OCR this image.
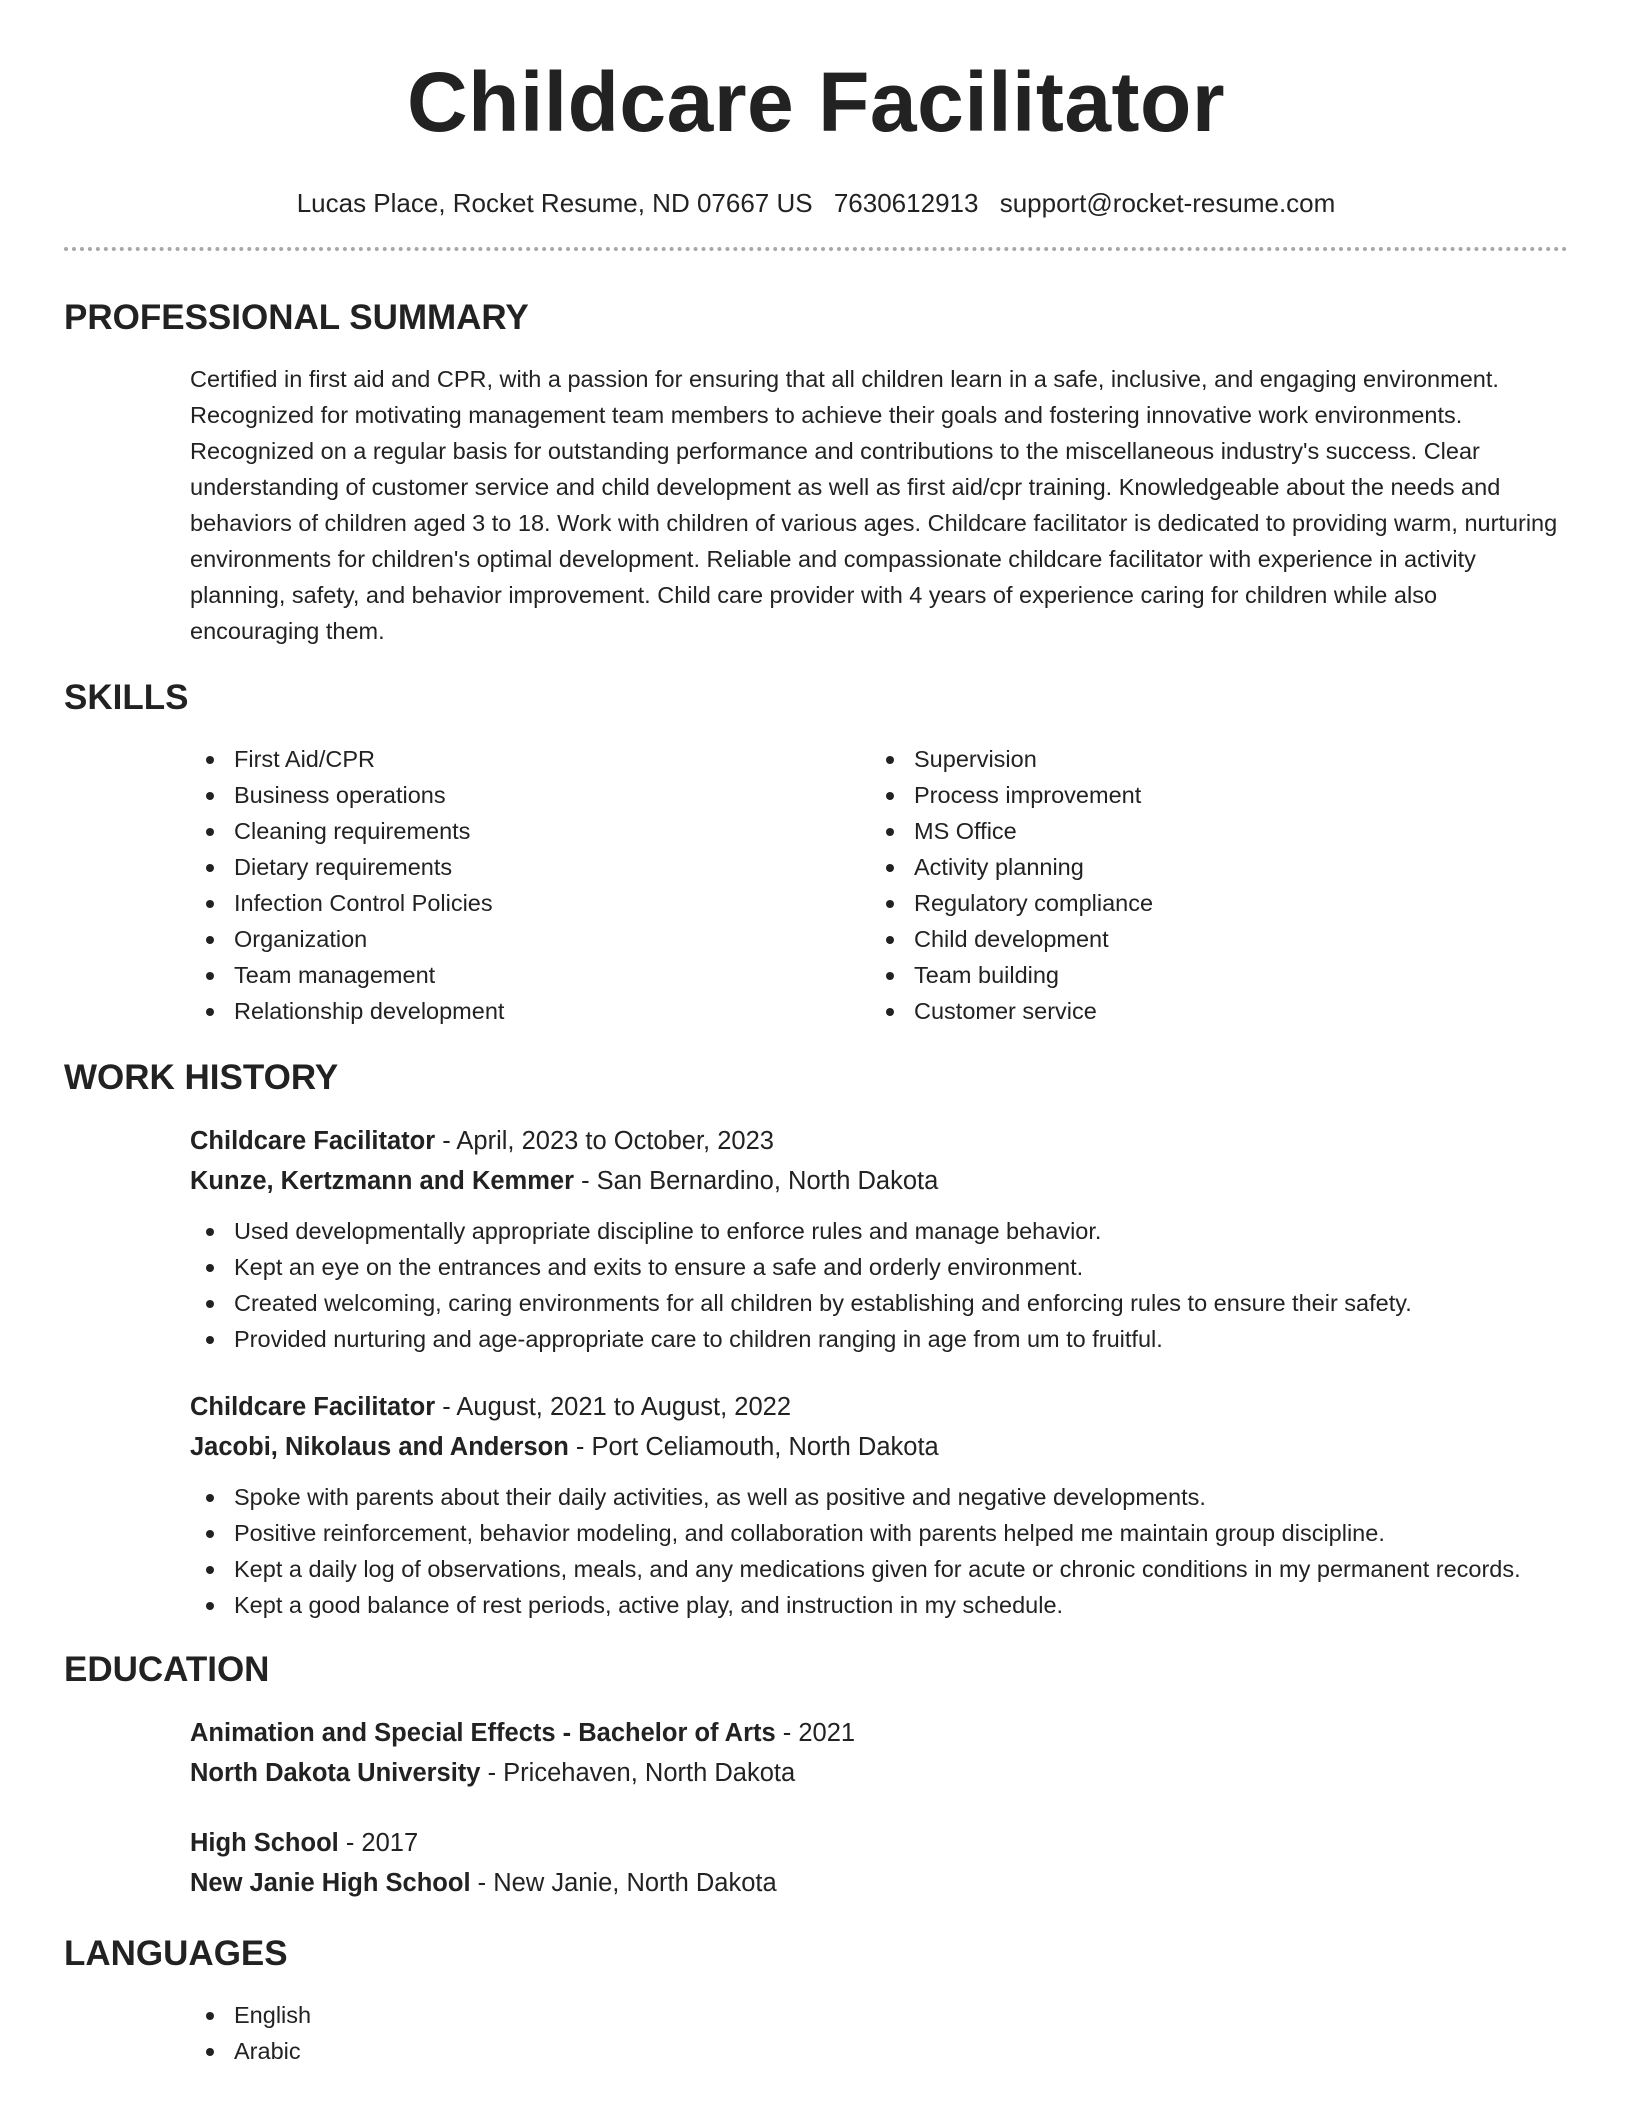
Childcare Facilitator
Lucas Place, Rocket Resume, ND 07667 US 7630612913 support@rocket-resume.com
PROFESSIONAL SUMMARY
Certified in first aid and CPR, with a passion for ensuring that all children learn in a safe, inclusive, and engaging environment. Recognized for motivating management team members to achieve their goals and fostering innovative work environments. Recognized on a regular basis for outstanding performance and contributions to the miscellaneous industry's success. Clear understanding of customer service and child development as well as first aid/cpr training. Knowledgeable about the needs and behaviors of children aged 3 to 18. Work with children of various ages. Childcare facilitator is dedicated to providing warm, nurturing environments for children's optimal development. Reliable and compassionate childcare facilitator with experience in activity planning, safety, and behavior improvement. Child care provider with 4 years of experience caring for children while also encouraging them.
SKILLS
First Aid/CPR
Business operations
Cleaning requirements
Dietary requirements
Infection Control Policies
Organization
Team management
Relationship development
Supervision
Process improvement
MS Office
Activity planning
Regulatory compliance
Child development
Team building
Customer service
WORK HISTORY
Childcare Facilitator - April, 2023 to October, 2023
Kunze, Kertzmann and Kemmer - San Bernardino, North Dakota
Used developmentally appropriate discipline to enforce rules and manage behavior.
Kept an eye on the entrances and exits to ensure a safe and orderly environment.
Created welcoming, caring environments for all children by establishing and enforcing rules to ensure their safety.
Provided nurturing and age-appropriate care to children ranging in age from um to fruitful.
Childcare Facilitator - August, 2021 to August, 2022
Jacobi, Nikolaus and Anderson - Port Celiamouth, North Dakota
Spoke with parents about their daily activities, as well as positive and negative developments.
Positive reinforcement, behavior modeling, and collaboration with parents helped me maintain group discipline.
Kept a daily log of observations, meals, and any medications given for acute or chronic conditions in my permanent records.
Kept a good balance of rest periods, active play, and instruction in my schedule.
EDUCATION
Animation and Special Effects - Bachelor of Arts - 2021
North Dakota University - Pricehaven, North Dakota
High School - 2017
New Janie High School - New Janie, North Dakota
LANGUAGES
English
Arabic
